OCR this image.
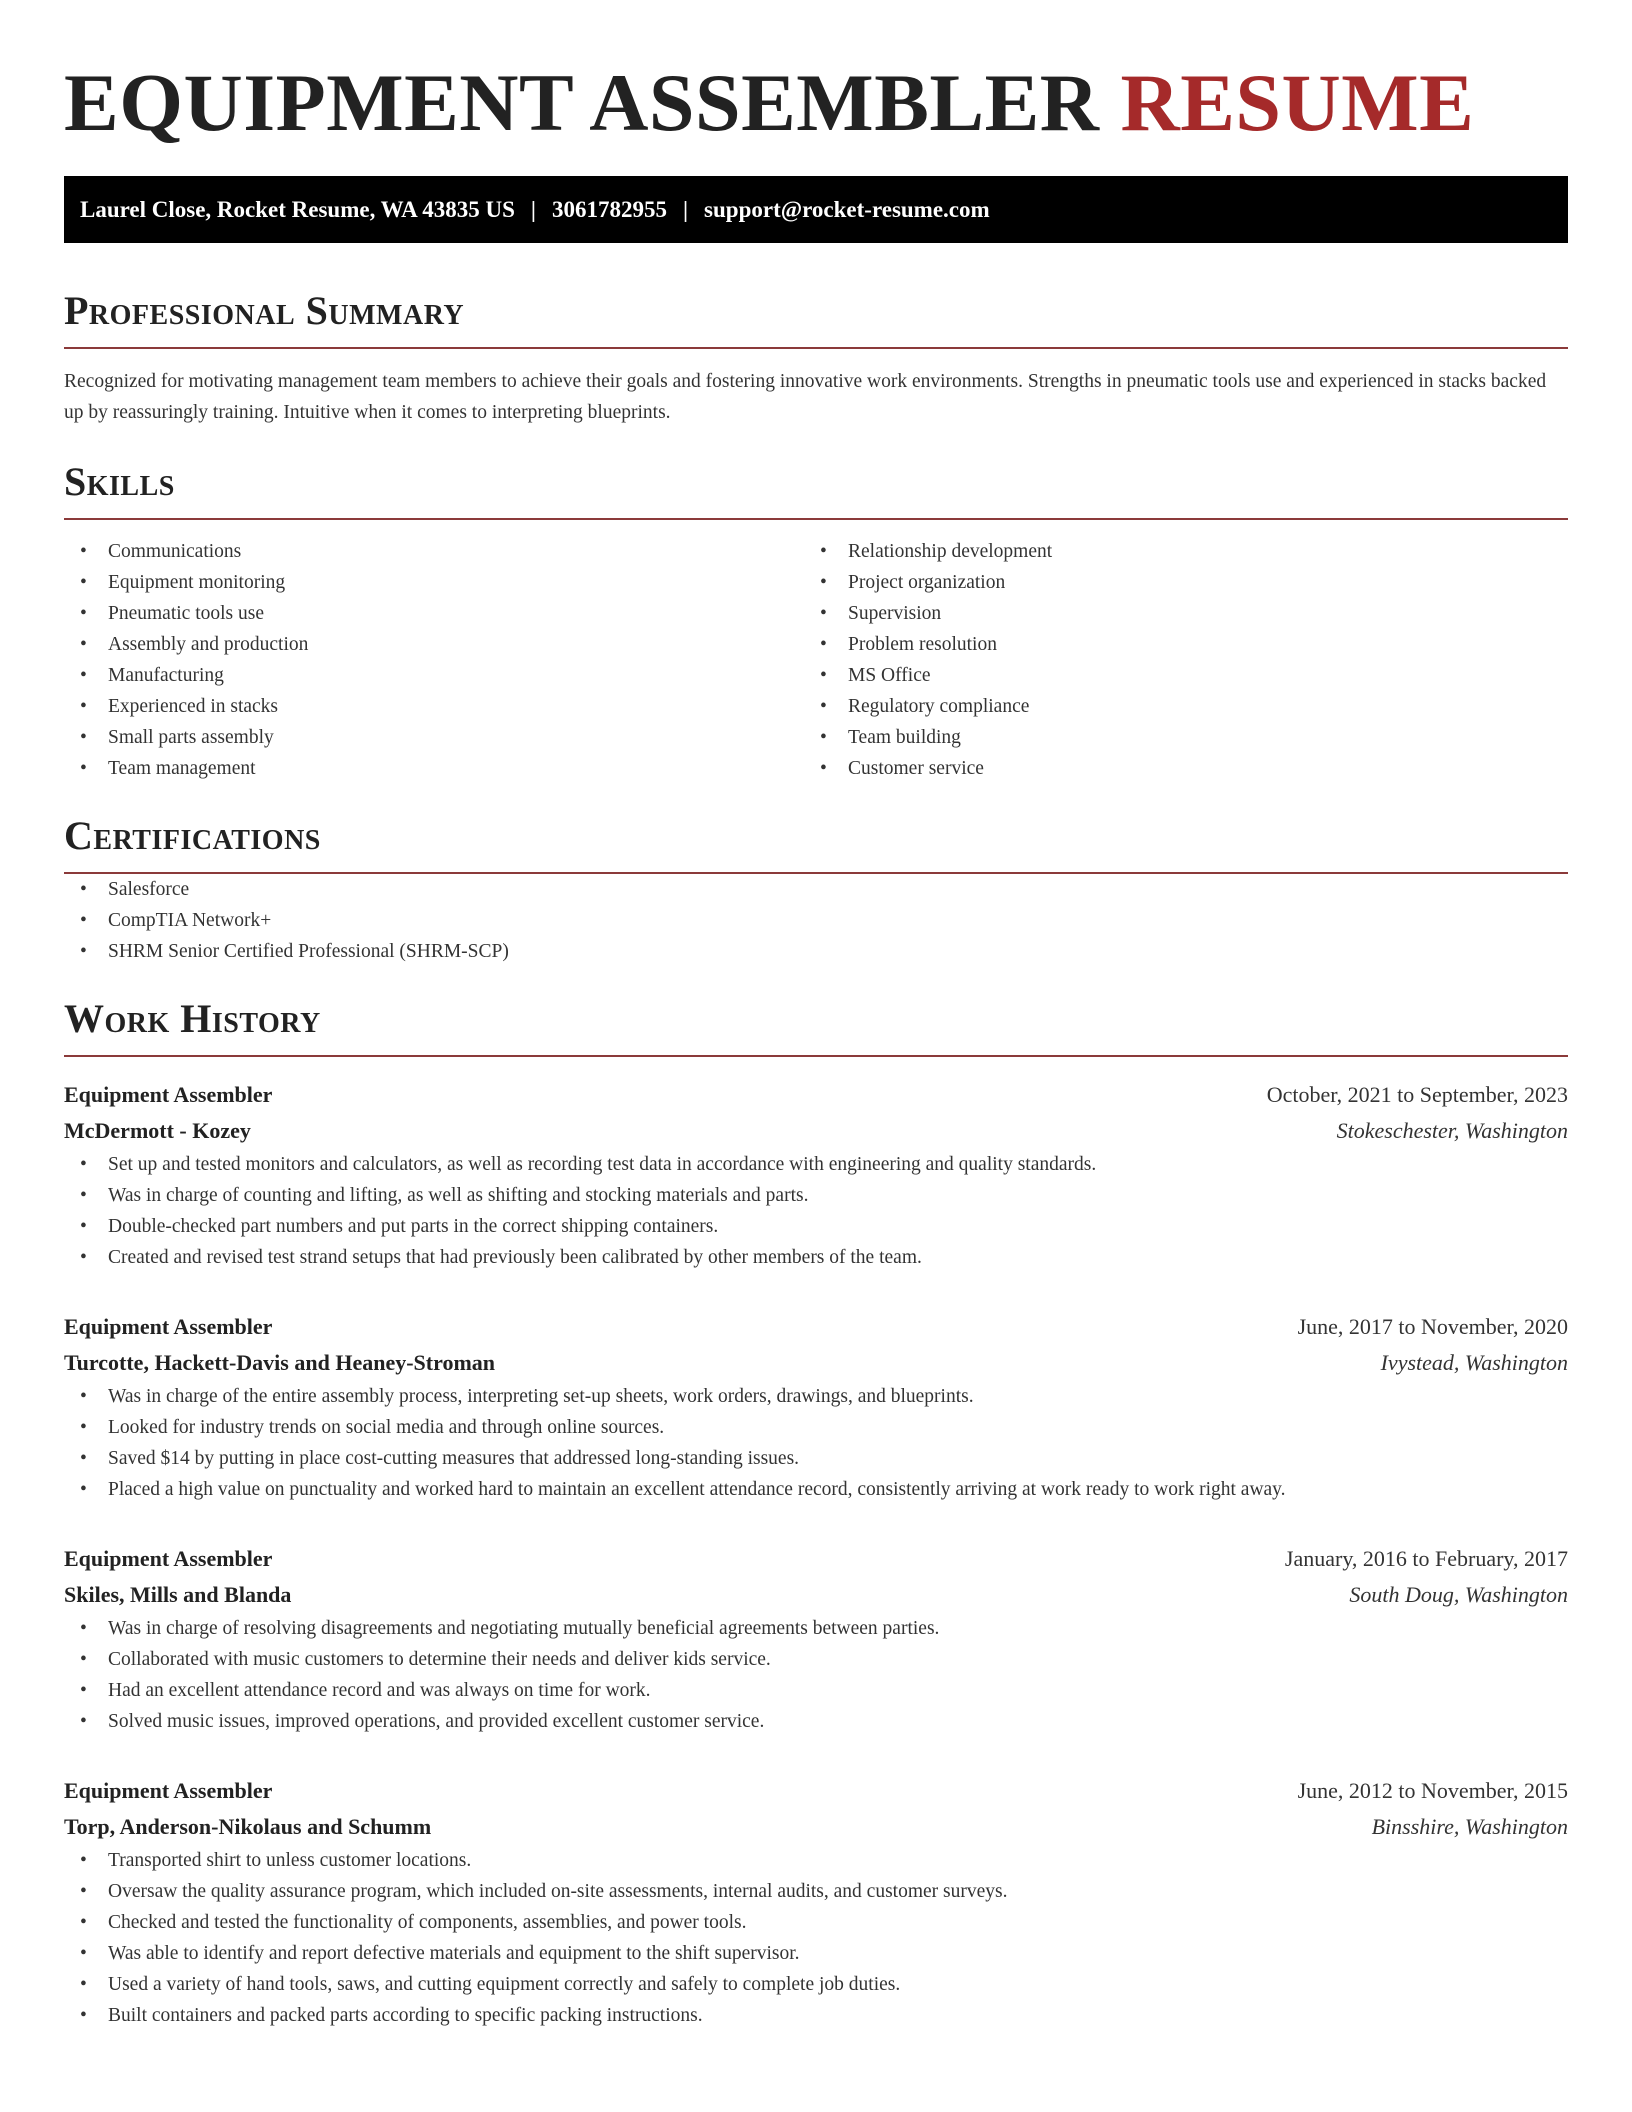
EQUIPMENT ASSEMBLER RESUME
Laurel Close, Rocket Resume, WA 43835 US | 3061782955 | support@rocket-resume.com
Professional Summary

Recognized for motivating management team members to achieve their goals and fostering innovative work environments. Strengths in pneumatic tools use and experienced in stacks backed up by reassuringly training. Intuitive when it comes to interpreting blueprints.

Skills
• Communications
• Equipment monitoring
• Pneumatic tools use
• Assembly and production
• Manufacturing
• Experienced in stacks
• Small parts assembly
• Team management
• Relationship development
• Project organization
• Supervision
• Problem resolution
• MS Office
• Regulatory compliance
• Team building
• Customer service
Certifications
• Salesforce
• CompTIA Network+
• SHRM Senior Certified Professional (SHRM-SCP)
Work History
Equipment Assembler	October, 2021 to September, 2023
McDermott - Kozey	Stokeschester, Washington
• Set up and tested monitors and calculators, as well as recording test data in accordance with engineering and quality standards.
• Was in charge of counting and lifting, as well as shifting and stocking materials and parts.
• Double-checked part numbers and put parts in the correct shipping containers.
• Created and revised test strand setups that had previously been calibrated by other members of the team.
Equipment Assembler	June, 2017 to November, 2020
Turcotte, Hackett-Davis and Heaney-Stroman	Ivystead, Washington
• Was in charge of the entire assembly process, interpreting set-up sheets, work orders, drawings, and blueprints.
• Looked for industry trends on social media and through online sources.
• Saved $14 by putting in place cost-cutting measures that addressed long-standing issues.
• Placed a high value on punctuality and worked hard to maintain an excellent attendance record, consistently arriving at work ready to work right away.
Equipment Assembler	January, 2016 to February, 2017
Skiles, Mills and Blanda	South Doug, Washington
• Was in charge of resolving disagreements and negotiating mutually beneficial agreements between parties.
• Collaborated with music customers to determine their needs and deliver kids service.
• Had an excellent attendance record and was always on time for work.
• Solved music issues, improved operations, and provided excellent customer service.
Equipment Assembler	June, 2012 to November, 2015
Torp, Anderson-Nikolaus and Schumm	Binsshire, Washington
• Transported shirt to unless customer locations.
• Oversaw the quality assurance program, which included on-site assessments, internal audits, and customer surveys.
• Checked and tested the functionality of components, assemblies, and power tools.
• Was able to identify and report defective materials and equipment to the shift supervisor.
• Used a variety of hand tools, saws, and cutting equipment correctly and safely to complete job duties.
• Built containers and packed parts according to specific packing instructions.
